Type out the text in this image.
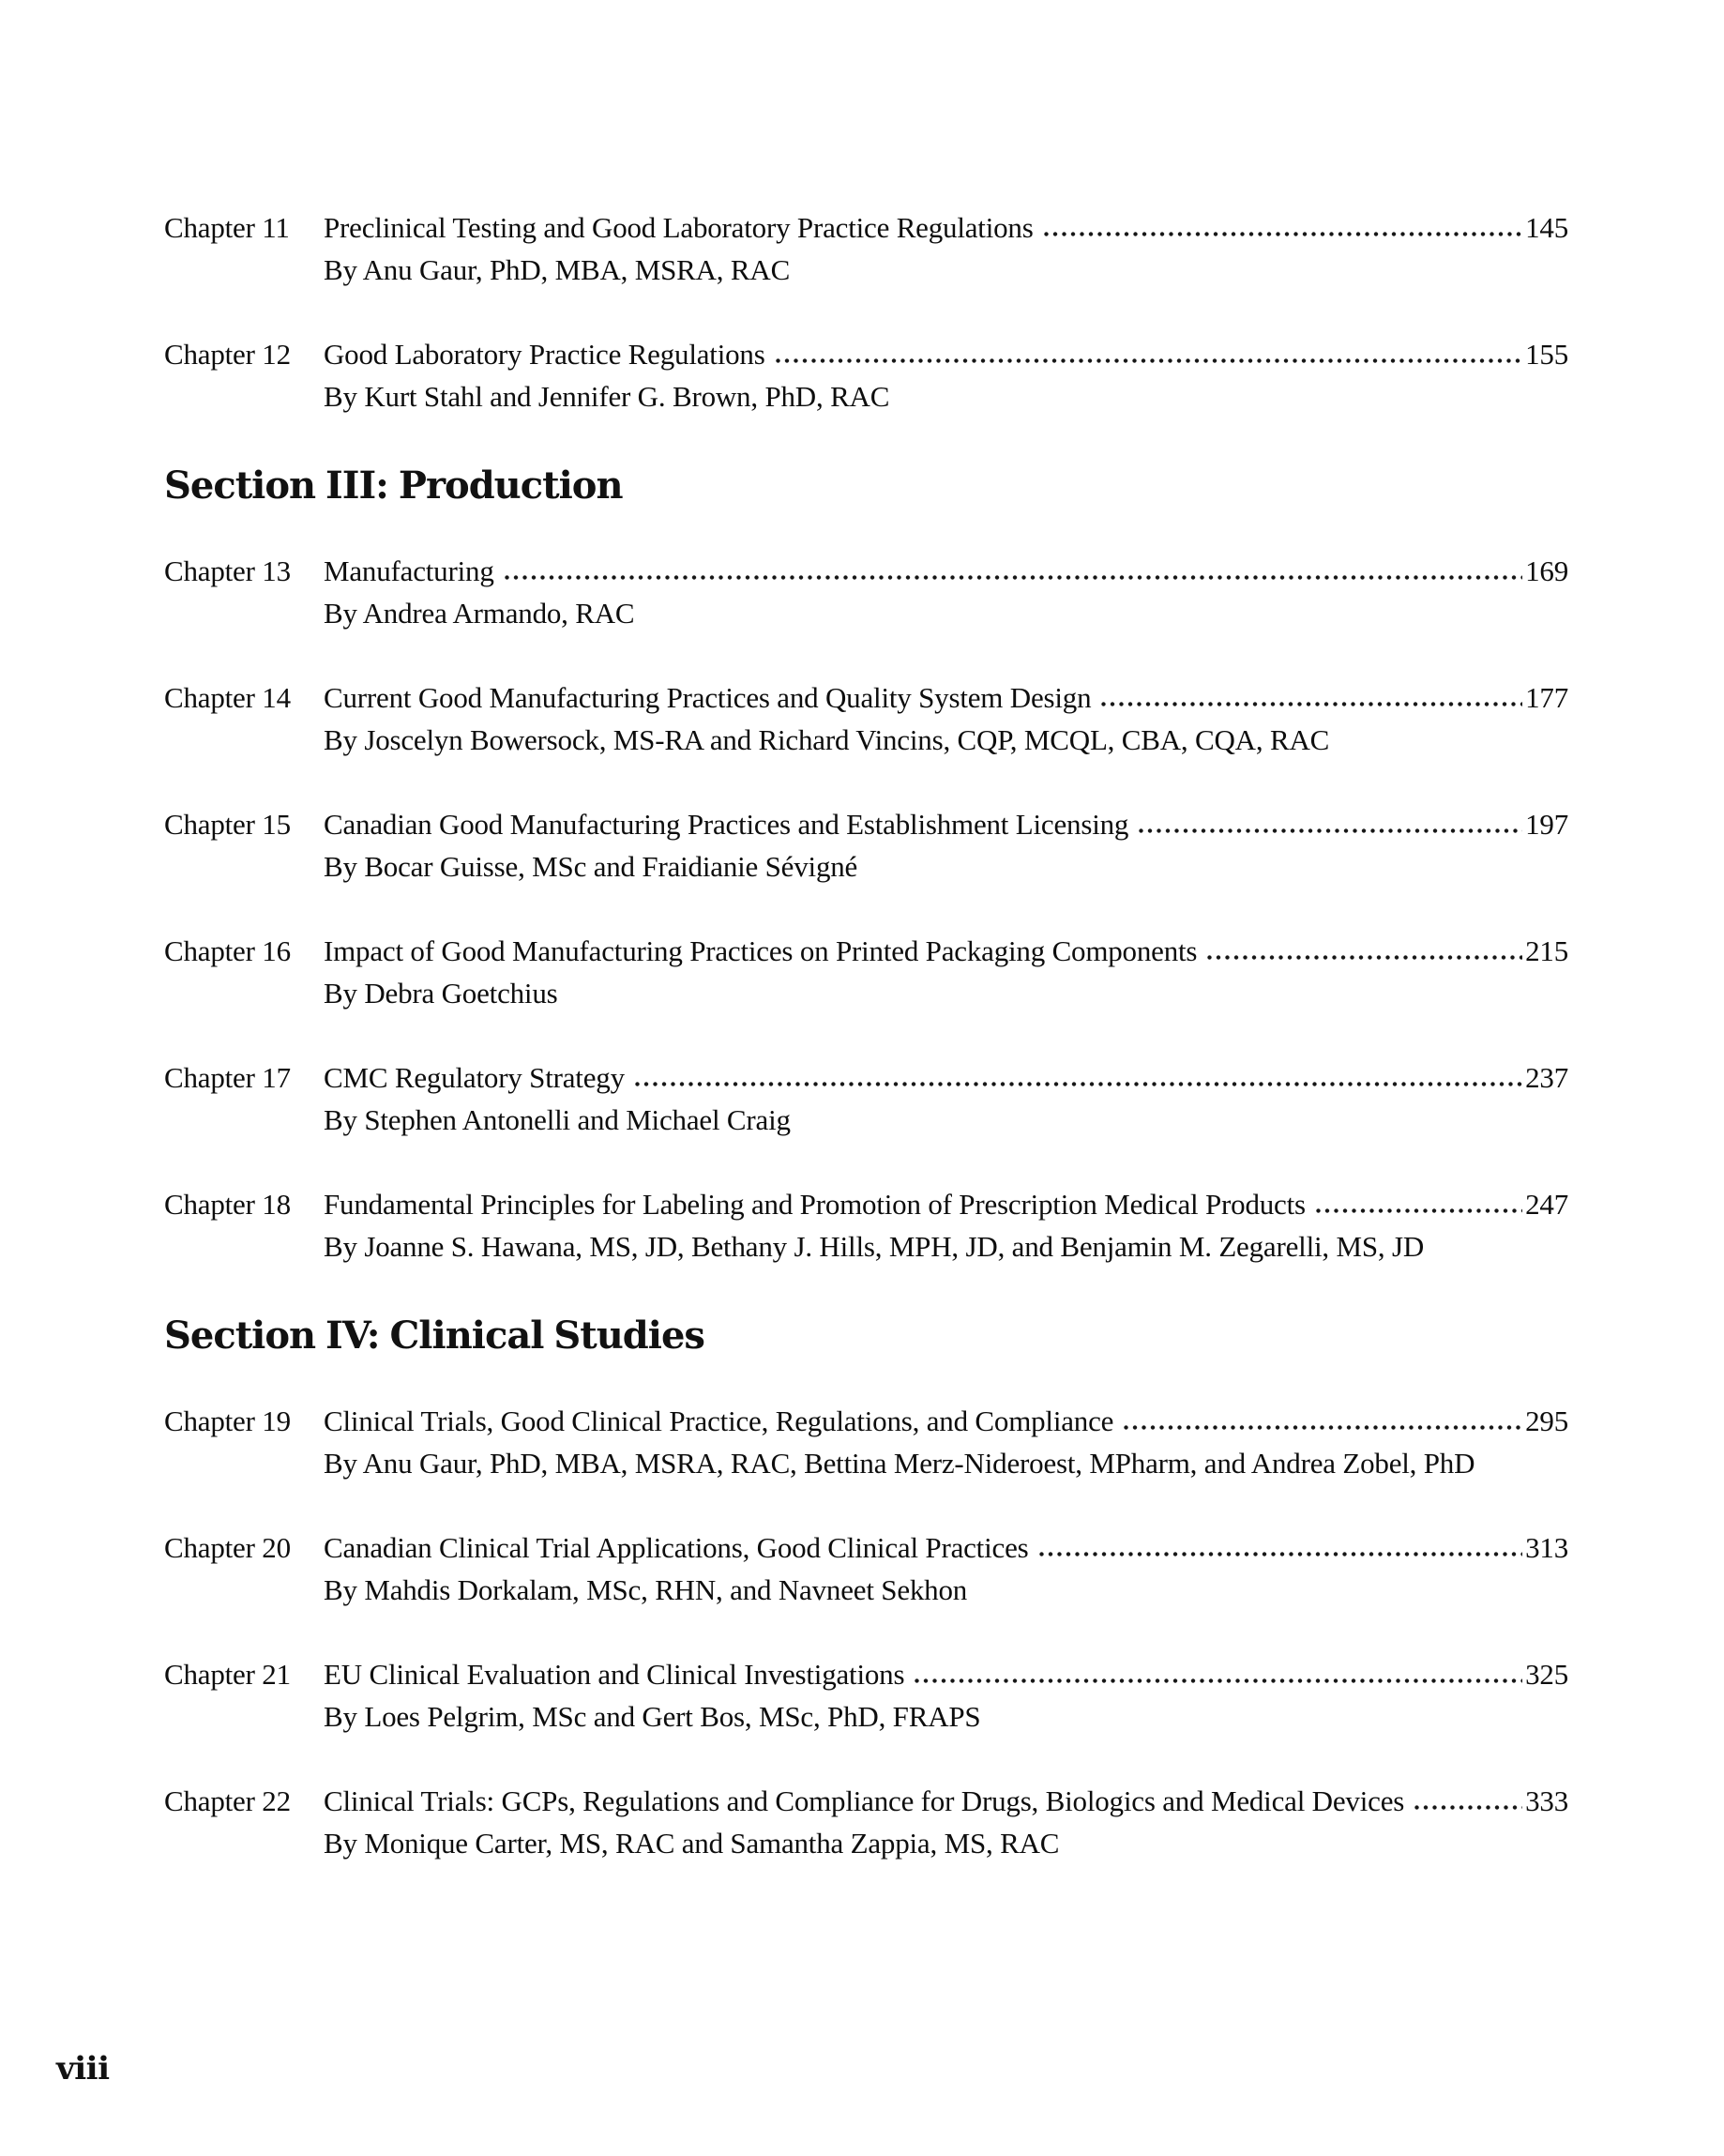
Chapter 11	Preclinical Testing and Good Laboratory Practice Regulations	145
By Anu Gaur, PhD, MBA, MSRA, RAC
Chapter 12	Good Laboratory Practice Regulations	155
By Kurt Stahl and Jennifer G. Brown, PhD, RAC
Section III: Production
Chapter 13	Manufacturing	169
By Andrea Armando, RAC
Chapter 14	Current Good Manufacturing Practices and Quality System Design	177
By Joscelyn Bowersock, MS-RA and Richard Vincins, CQP, MCQL, CBA, CQA, RAC
Chapter 15	Canadian Good Manufacturing Practices and Establishment Licensing	197
By Bocar Guisse, MSc and Fraidianie Sévigné
Chapter 16	Impact of Good Manufacturing Practices on Printed Packaging Components	215
By Debra Goetchius
Chapter 17	CMC Regulatory Strategy	237
By Stephen Antonelli and Michael Craig
Chapter 18	Fundamental Principles for Labeling and Promotion of Prescription Medical Products	247
By Joanne S. Hawana, MS, JD, Bethany J. Hills, MPH, JD, and Benjamin M. Zegarelli, MS, JD
Section IV: Clinical Studies
Chapter 19	Clinical Trials, Good Clinical Practice, Regulations, and Compliance	295
By Anu Gaur, PhD, MBA, MSRA, RAC, Bettina Merz-Nideroest, MPharm, and Andrea Zobel, PhD
Chapter 20	Canadian Clinical Trial Applications, Good Clinical Practices	313
By Mahdis Dorkalam, MSc, RHN, and Navneet Sekhon
Chapter 21	EU Clinical Evaluation and Clinical Investigations	325
By Loes Pelgrim, MSc and Gert Bos, MSc, PhD, FRAPS
Chapter 22	Clinical Trials: GCPs, Regulations and Compliance for Drugs, Biologics and Medical Devices	333
By Monique Carter, MS, RAC and Samantha Zappia, MS, RAC
viii
